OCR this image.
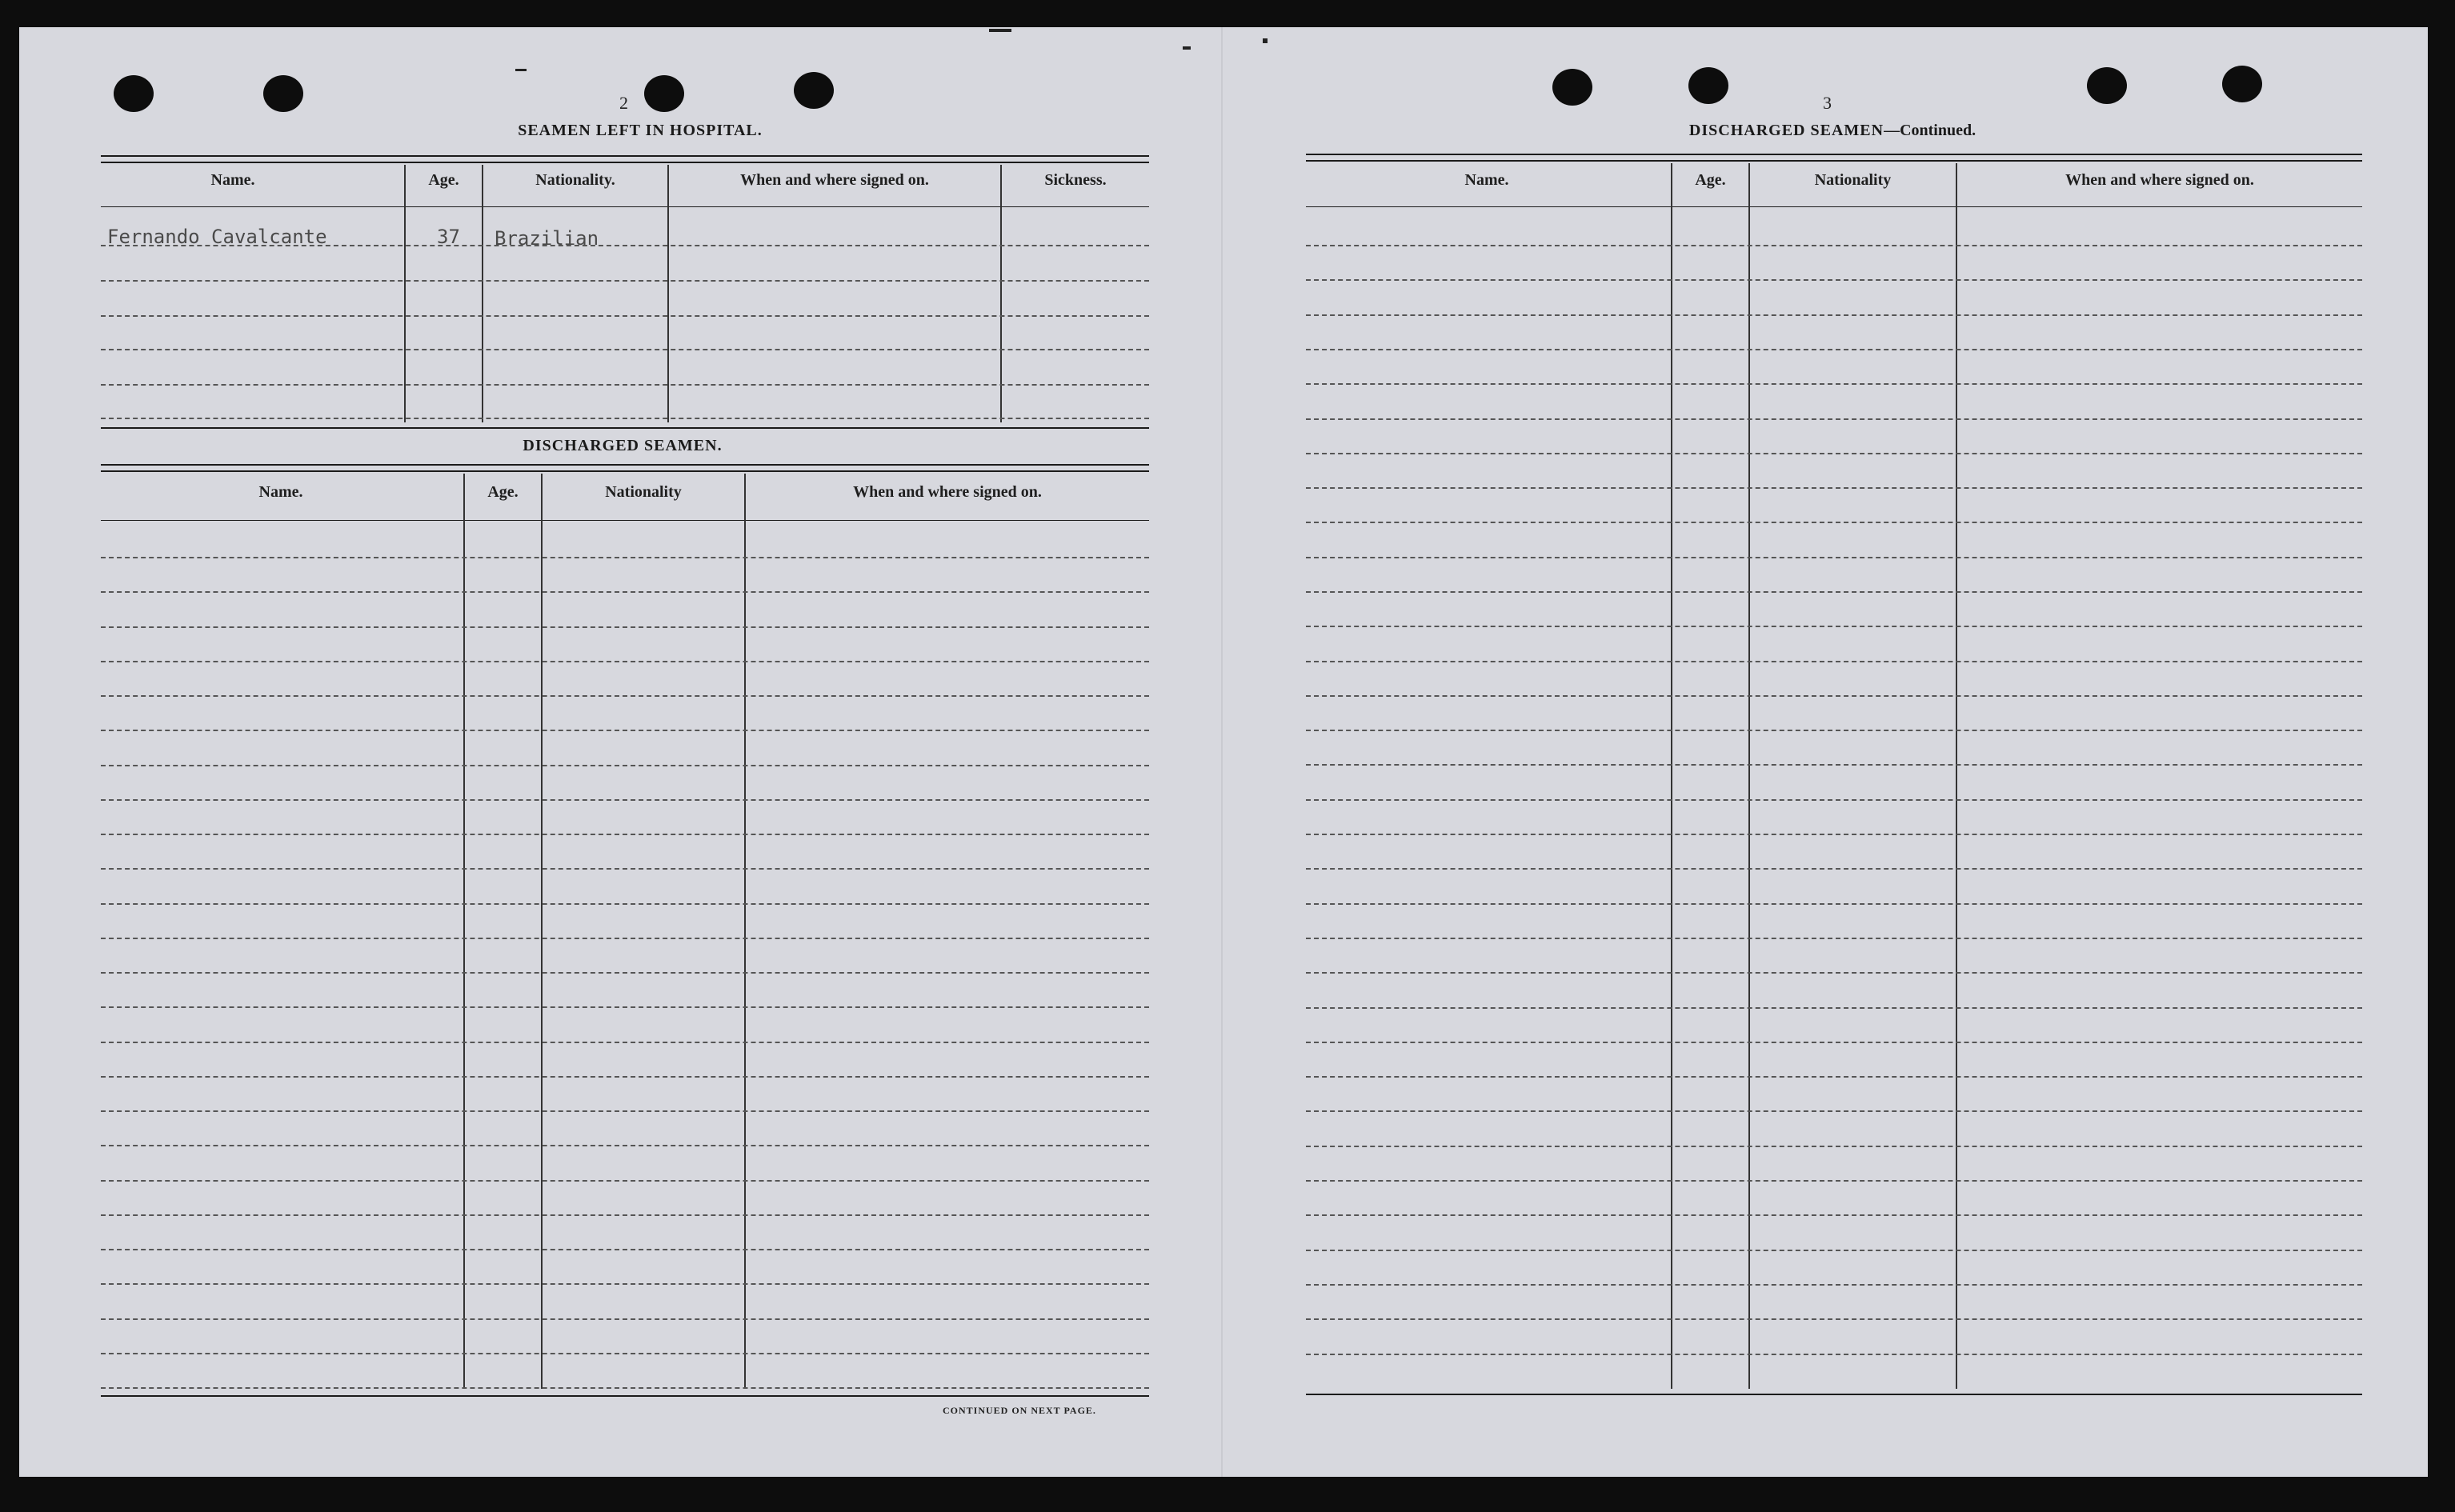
2
SEAMEN LEFT IN HOSPITAL.
Name.	Age.	Nationality.	When and where signed on.	Sickness.
Fernando Cavalcante	37 Brazilian
DISCHARGED SEAMEN.
Name.	Age.	Nationality	When and where signed on.
CONTINUED ON NEXT PAGE.
3
DISCHARGED SEAMEN—Continued.
Name.	Age.	Nationality	When and where signed on.
